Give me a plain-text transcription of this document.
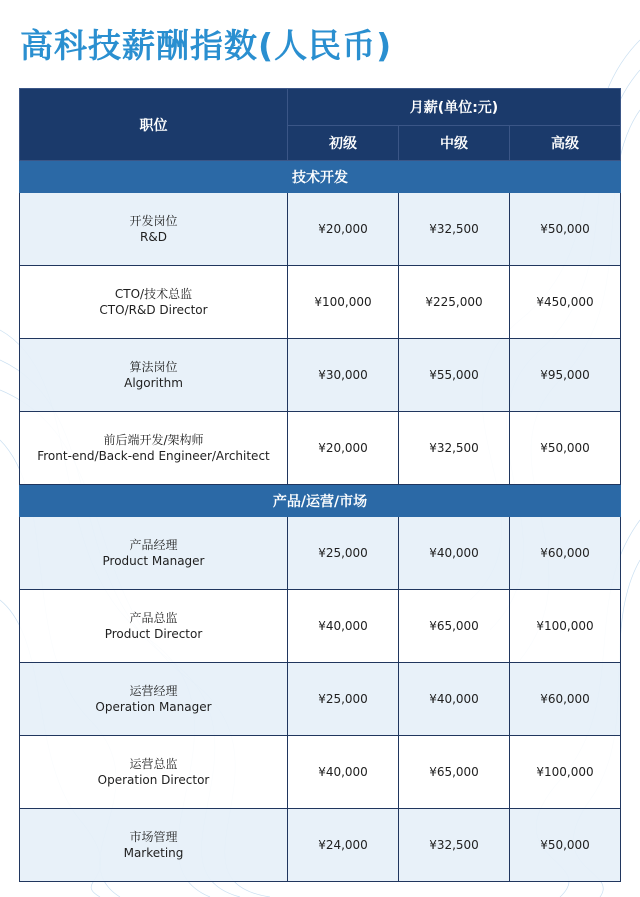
高科技薪酬指数(人民币)
职位	月薪(单位:元)		
	初级	中级	高级
技术开发			

开发岗位
R&D	¥20,000	¥32,500	¥50,000

CTO/技术总监
CTO/R&D Director	¥100,000	¥225,000	¥450,000

算法岗位
Algorithm	¥30,000	¥55,000	¥95,000

前后端开发/架构师
Front-end/Back-end Engineer/Architect	¥20,000	¥32,500	¥50,000
产品/运营/市场			

产品经理
Product Manager	¥25,000	¥40,000	¥60,000

产品总监
Product Director	¥40,000	¥65,000	¥100,000

运营经理
Operation Manager	¥25,000	¥40,000	¥60,000

运营总监
Operation Director	¥40,000	¥65,000	¥100,000

市场管理
Marketing	¥24,000	¥32,500	¥50,000
